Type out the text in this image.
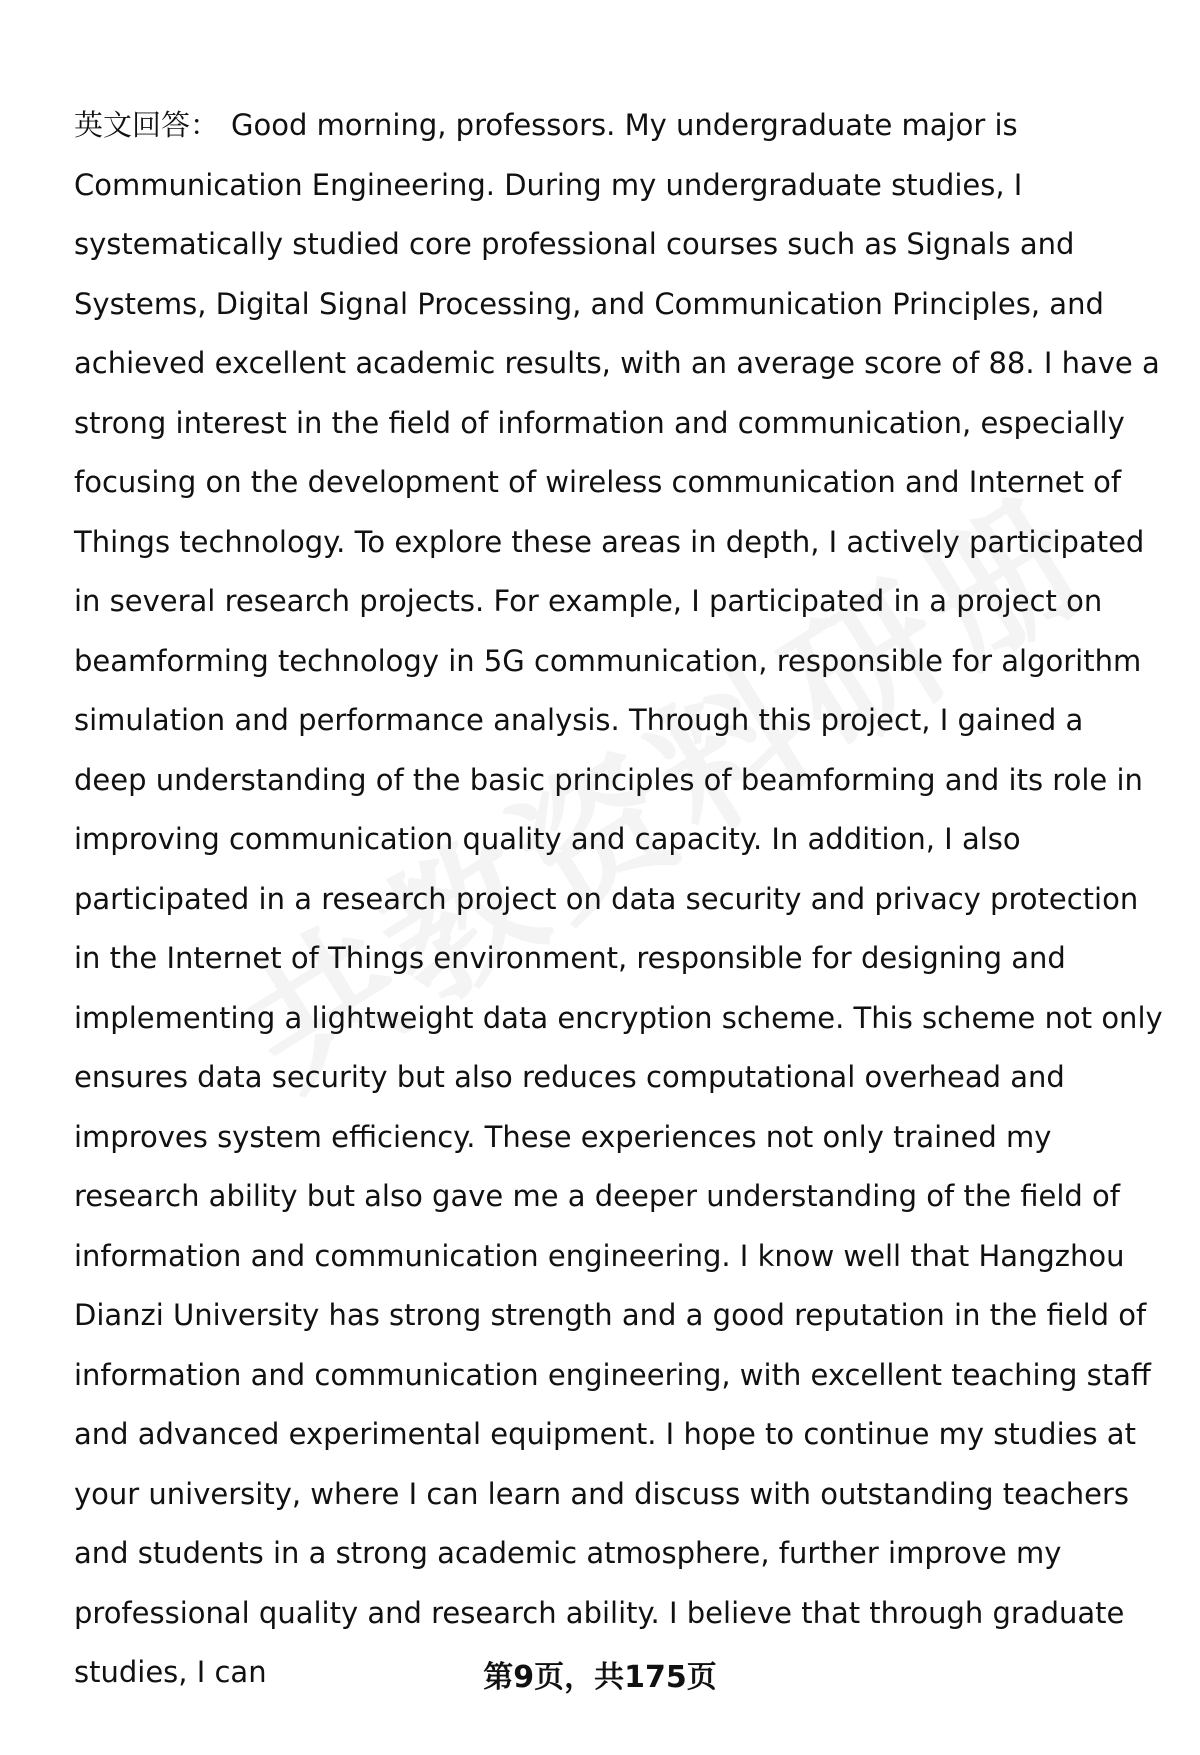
英文回答： Good morning, professors. My undergraduate major is Communication Engineering. During my undergraduate studies, I systematically studied core professional courses such as Signals and Systems, Digital Signal Processing, and Communication Principles, and achieved excellent academic results, with an average score of 88. I have a strong interest in the field of information and communication, especially focusing on the development of wireless communication and Internet of Things technology. To explore these areas in depth, I actively participated in several research projects. For example, I participated in a project on beamforming technology in 5G communication, responsible for algorithm simulation and performance analysis. Through this project, I gained a deep understanding of the basic principles of beamforming and its role in improving communication quality and capacity. In addition, I also participated in a research project on data security and privacy protection in the Internet of Things environment, responsible for designing and implementing a lightweight data encryption scheme. This scheme not only ensures data security but also reduces computational overhead and improves system efficiency. These experiences not only trained my research ability but also gave me a deeper understanding of the field of information and communication engineering. I know well that Hangzhou Dianzi University has strong strength and a good reputation in the field of information and communication engineering, with excellent teaching staff and advanced experimental equipment. I hope to continue my studies at your university, where I can learn and discuss with outstanding teachers and students in a strong academic atmosphere, further improve my professional quality and research ability. I believe that through graduate studies, I can	第9页，共175页
